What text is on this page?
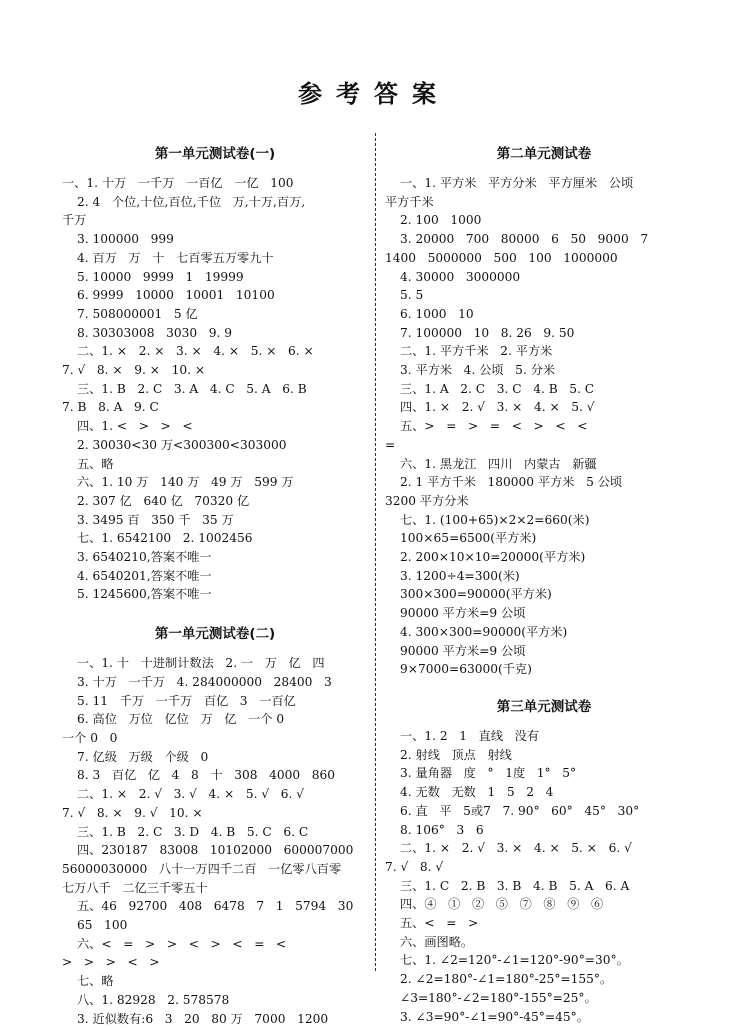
参考答案
第一单元测试卷(一)
一、1. 十万   一千万   一百亿   一亿   100
2. 4   个位,十位,百位,千位   万,十万,百万,
千万
3. 100000   999
4. 百万   万   十   七百零五万零九十
5. 10000   9999   1   19999
6. 9999   10000   10001   10100
7. 508000001   5 亿
8. 30303008   3030   9. 9
二、1. ×   2. ×   3. ×   4. ×   5. ×   6. ×
7. √   8. ×   9. ×   10. ×
三、1. B   2. C   3. A   4. C   5. A   6. B
7. B   8. A   9. C
四、1. <   >   >   <
2. 30030<30 万<300300<303000
五、略
六、1. 10 万   140 万   49 万   599 万
2. 307 亿   640 亿   70320 亿
3. 3495 百   350 千   35 万
七、1. 6542100   2. 1002456
3. 6540210,答案不唯一
4. 6540201,答案不唯一
5. 1245600,答案不唯一
第一单元测试卷(二)
一、1. 十   十进制计数法   2. 一   万   亿   四
3. 十万   一千万   4. 284000000   28400   3
5. 11   千万   一千万   百亿   3   一百亿
6. 高位   万位   亿位   万   亿   一个 0
一个 0   0
7. 亿级   万级   个级   0
8. 3   百亿   亿   4   8   十   308   4000   860
二、1. ×   2. √   3. √   4. ×   5. √   6. √
7. √   8. ×   9. √   10. ×
三、1. B   2. C   3. D   4. B   5. C   6. C
四、230187   83008   10102000   600007000
56000030000   八十一万四千二百   一亿零八百零
七万八千   二亿三千零五十
五、46   92700   408   6478   7   1   5794   30
65   100
六、<   =   >   >   <   >   <   =   <
>   >   >   <   >
七、略
八、1. 82928   2. 578578
3. 近似数有:6   3   20   80 万   7000   1200
第二单元测试卷
一、1. 平方米   平方分米   平方厘米   公顷
平方千米
2. 100   1000
3. 20000   700   80000   6   50   9000   7
1400   5000000   500   100   1000000
4. 30000   3000000
5. 5
6. 1000   10
7. 100000   10   8. 26   9. 50
二、1. 平方千米   2. 平方米
3. 平方米   4. 公顷   5. 分米
三、1. A   2. C   3. C   4. B   5. C
四、1. ×   2. √   3. ×   4. ×   5. √
五、>   =   >   =   <   >   <   <
=
六、1. 黑龙江   四川   内蒙古   新疆
2. 1 平方千米   180000 平方米   5 公顷
3200 平方分米
七、1. (100+65)×2×2=660(米)
100×65=6500(平方米)
2. 200×10×10=20000(平方米)
3. 1200÷4=300(米)
300×300=90000(平方米)
90000 平方米=9 公顷
4. 300×300=90000(平方米)
90000 平方米=9 公顷
9×7000=63000(千克)
第三单元测试卷
一、1. 2   1   直线   没有
2. 射线   顶点   射线
3. 量角器   度   °   1度   1°   5°
4. 无数   无数   1   5   2   4
6. 直   平   5或7   7. 90°   60°   45°   30°
8. 106°   3   6
二、1. ×   2. √   3. ×   4. ×   5. ×   6. √
7. √   8. √
三、1. C   2. B   3. B   4. B   5. A   6. A
四、④   ①   ②   ⑤   ⑦   ⑧   ⑨   ⑥
五、<   =   >
六、画图略。
七、1. ∠2=120°-∠1=120°-90°=30°。
2. ∠2=180°-∠1=180°-25°=155°。
∠3=180°-∠2=180°-155°=25°。
3. ∠3=90°-∠1=90°-45°=45°。
